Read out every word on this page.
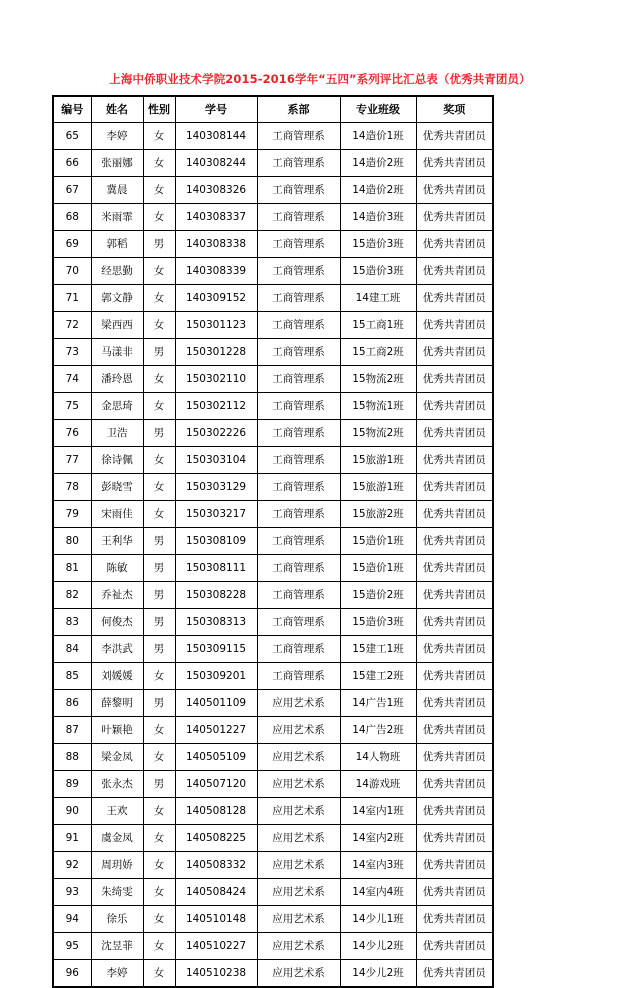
上海中侨职业技术学院2015-2016学年“五四”系列评比汇总表（优秀共青团员）
编号	姓名	性别	学号	系部	专业班级	奖项
65	李婷	女	140308144	工商管理系	14造价1班	优秀共青团员
66	张丽娜	女	140308244	工商管理系	14造价2班	优秀共青团员
67	冀晨	女	140308326	工商管理系	14造价2班	优秀共青团员
68	米雨霏	女	140308337	工商管理系	14造价3班	优秀共青团员
69	郭稻	男	140308338	工商管理系	15造价3班	优秀共青团员
70	经思勤	女	140308339	工商管理系	15造价3班	优秀共青团员
71	郭文静	女	140309152	工商管理系	14建工班	优秀共青团员
72	梁西西	女	150301123	工商管理系	15工商1班	优秀共青团员
73	马漾非	男	150301228	工商管理系	15工商2班	优秀共青团员
74	潘玲恩	女	150302110	工商管理系	15物流2班	优秀共青团员
75	金思琦	女	150302112	工商管理系	15物流1班	优秀共青团员
76	卫浩	男	150302226	工商管理系	15物流2班	优秀共青团员
77	徐诗佩	女	150303104	工商管理系	15旅游1班	优秀共青团员
78	彭晓雪	女	150303129	工商管理系	15旅游1班	优秀共青团员
79	宋雨佳	女	150303217	工商管理系	15旅游2班	优秀共青团员
80	王利华	男	150308109	工商管理系	15造价1班	优秀共青团员
81	陈敏	男	150308111	工商管理系	15造价1班	优秀共青团员
82	乔祉杰	男	150308228	工商管理系	15造价2班	优秀共青团员
83	何俊杰	男	150308313	工商管理系	15造价3班	优秀共青团员
84	李洪武	男	150309115	工商管理系	15建工1班	优秀共青团员
85	刘媛媛	女	150309201	工商管理系	15建工2班	优秀共青团员
86	薛黎明	男	140501109	应用艺术系	14广告1班	优秀共青团员
87	叶颖艳	女	140501227	应用艺术系	14广告2班	优秀共青团员
88	梁金凤	女	140505109	应用艺术系	14人物班	优秀共青团员
89	张永杰	男	140507120	应用艺术系	14游戏班	优秀共青团员
90	王欢	女	140508128	应用艺术系	14室内1班	优秀共青团员
91	虞金凤	女	140508225	应用艺术系	14室内2班	优秀共青团员
92	周玥娇	女	140508332	应用艺术系	14室内3班	优秀共青团员
93	朱绮雯	女	140508424	应用艺术系	14室内4班	优秀共青团员
94	徐乐	女	140510148	应用艺术系	14少儿1班	优秀共青团员
95	沈昱菲	女	140510227	应用艺术系	14少儿2班	优秀共青团员
96	李婷	女	140510238	应用艺术系	14少儿2班	优秀共青团员
